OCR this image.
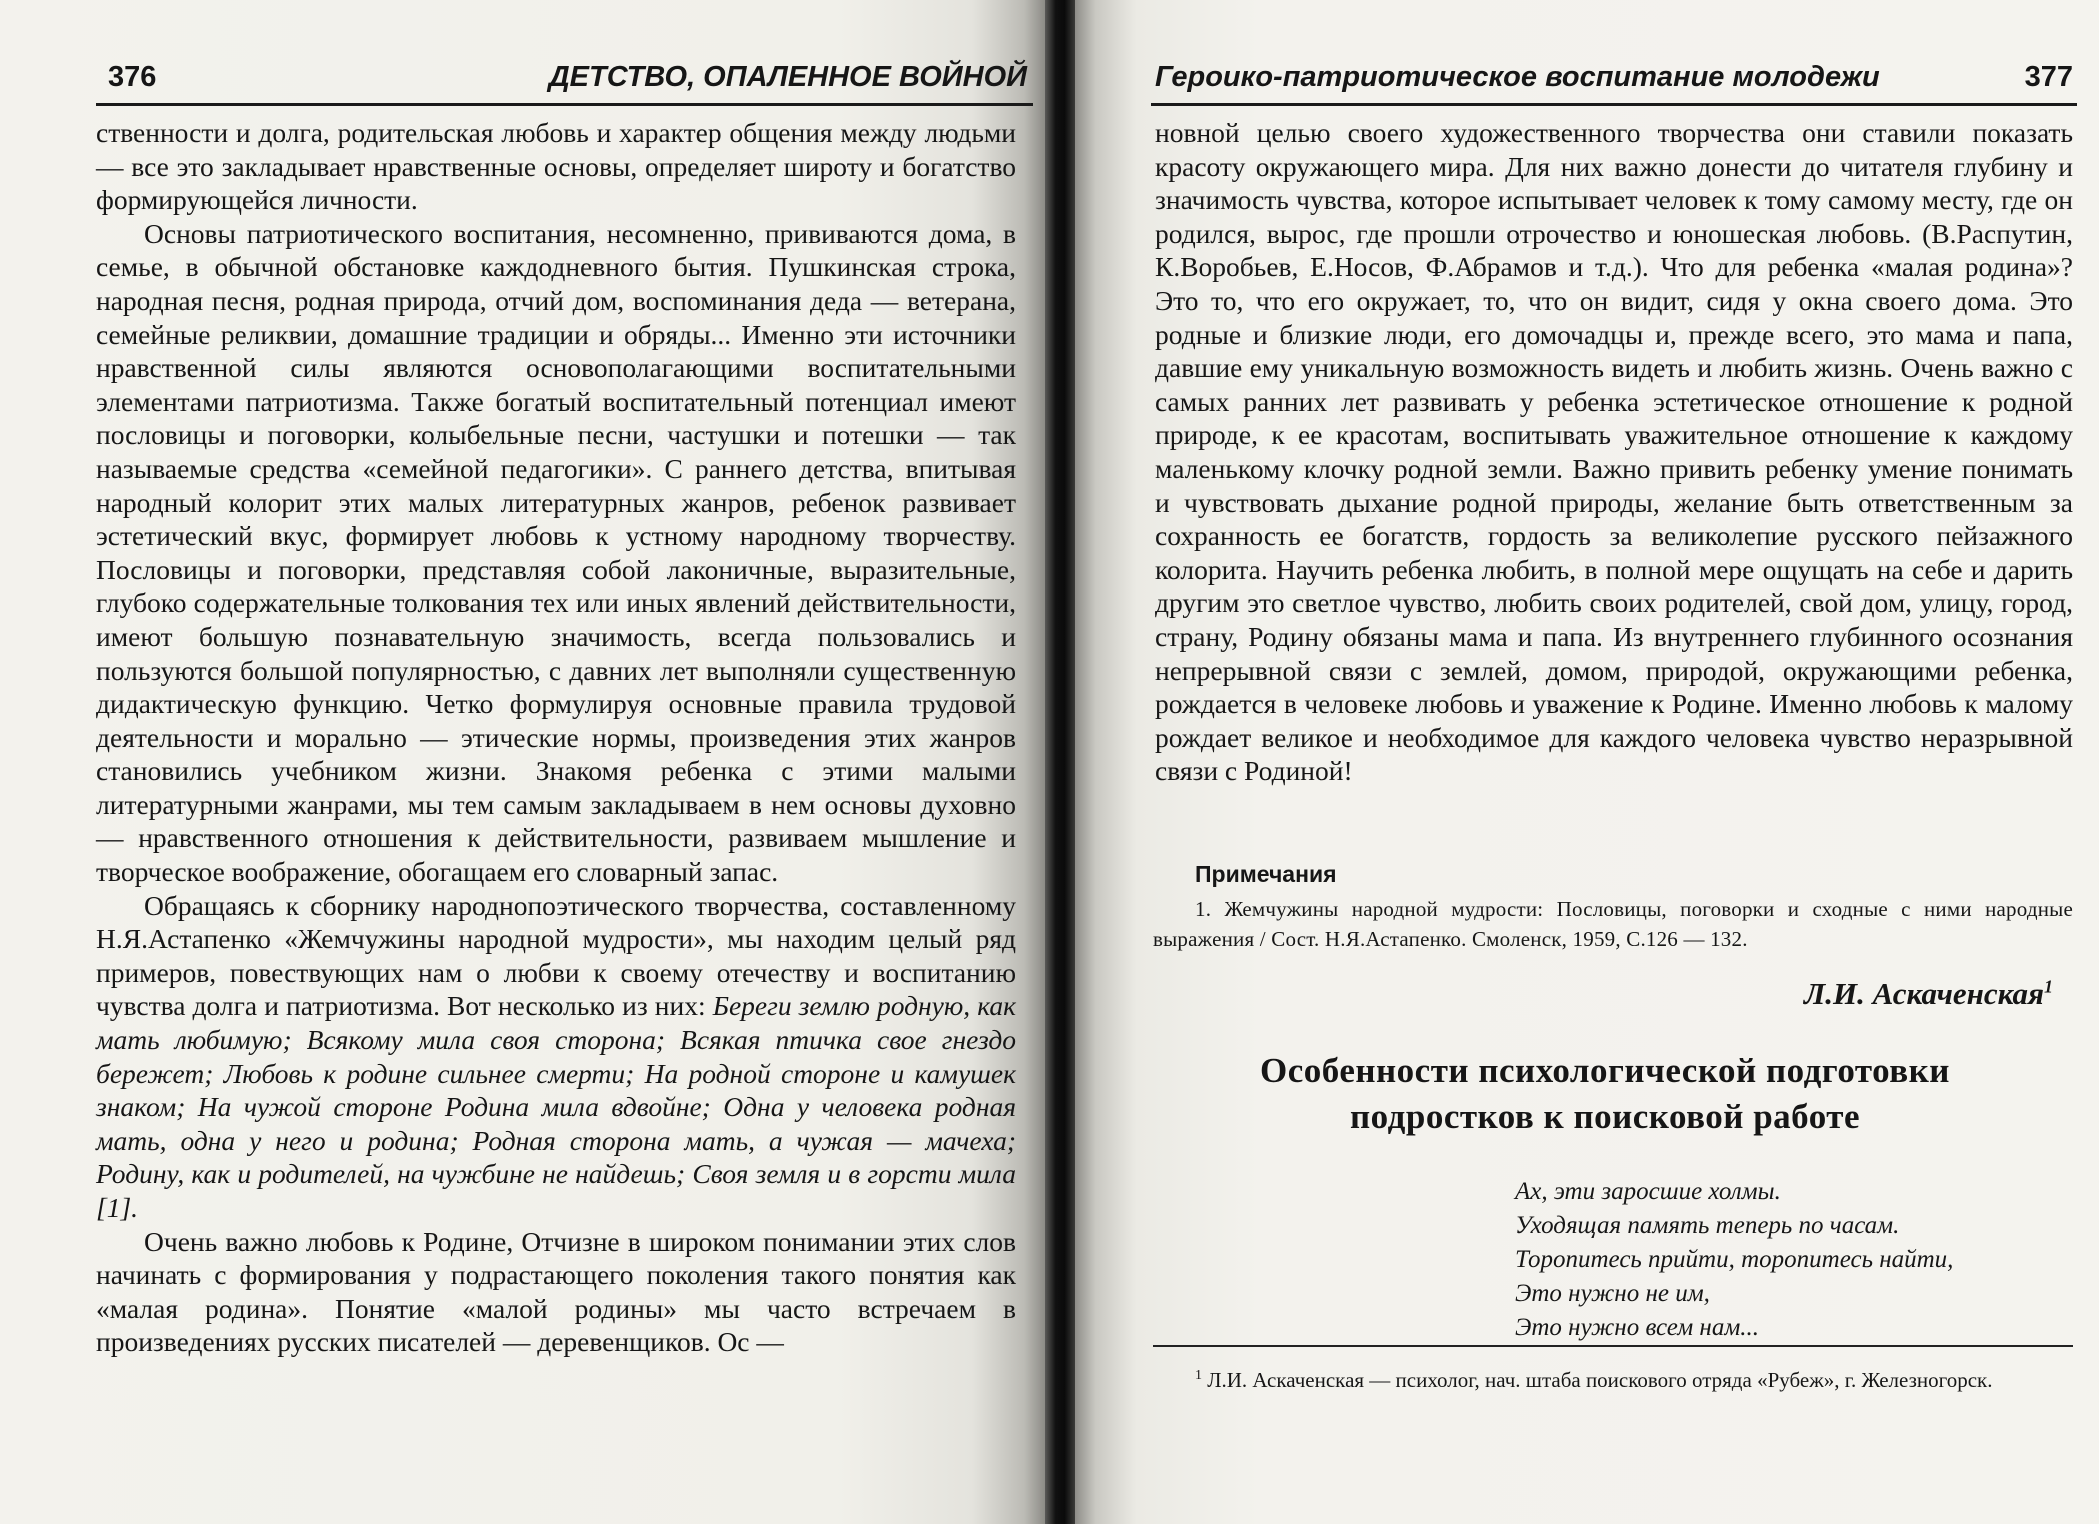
376	ДЕТСТВО, ОПАЛЕННОЕ ВОЙНОЙ

ственности и долга, родительская любовь и характер общения между людьми — все это закладывает нравственные основы, определяет широту и богатство формирующейся личности.

Основы патриотического воспитания, несомненно, прививаются дома, в семье, в обычной обстановке каждодневного бытия. Пушкинская строка, народная песня, родная природа, отчий дом, воспоминания деда — ветерана, семейные реликвии, домашние традиции и обряды... Именно эти источники нравственной силы являются основополагающими воспитательными элементами патриотизма. Также богатый воспитательный потенциал имеют пословицы и поговорки, колыбельные песни, частушки и потешки — так называемые средства «семейной педагогики». С раннего детства, впитывая народный колорит этих малых литературных жанров, ребенок развивает эстетический вкус, формирует любовь к устному народному творчеству. Пословицы и поговорки, представляя собой лаконичные, выразительные, глубоко содержательные толкования тех или иных явлений действительности, имеют большую познавательную значимость, всегда пользовались и пользуются большой популярностью, с давних лет выполняли существенную дидактическую функцию. Четко формулируя основные правила трудовой деятельности и морально — этические нормы, произведения этих жанров становились учебником жизни. Знакомя ребенка с этими малыми литературными жанрами, мы тем самым закладываем в нем основы духовно — нравственного отношения к действительности, развиваем мышление и творческое воображение, обогащаем его словарный запас.

Обращаясь к сборнику народнопоэтического творчества, составленному Н.Я.Астапенко «Жемчужины народной мудрости», мы находим целый ряд примеров, повествующих нам о любви к своему отечеству и воспитанию чувства долга и патриотизма. Вот несколько из них: Береги землю родную, как мать любимую; Всякому мила своя сторона; Всякая птичка свое гнездо бережет; Любовь к родине сильнее смерти; На родной стороне и камушек знаком; На чужой стороне Родина мила вдвойне; Одна у человека родная мать, одна у него и родина; Родная сторона мать, а чужая — мачеха; Родину, как и родителей, на чужбине не найдешь; Своя земля и в горсти мила [1].

Очень важно любовь к Родине, Отчизне в широком понимании этих слов начинать с формирования у подрастающего поколения такого понятия как «малая родина». Понятие «малой родины» мы часто встречаем в произведениях русских писателей — деревенщиков. Ос —

Героико-патриотическое воспитание молодежи	377

новной целью своего художественного творчества они ставили показать красоту окружающего мира. Для них важно донести до читателя глубину и значимость чувства, которое испытывает человек к тому самому месту, где он родился, вырос, где прошли отрочество и юношеская любовь. (В.Распутин, К.Воробьев, Е.Носов, Ф.Абрамов и т.д.). Что для ребенка «малая родина»? Это то, что его окружает, то, что он видит, сидя у окна своего дома. Это родные и близкие люди, его домочадцы и, прежде всего, это мама и папа, давшие ему уникальную возможность видеть и любить жизнь. Очень важно с самых ранних лет развивать у ребенка эстетическое отношение к родной природе, к ее красотам, воспитывать уважительное отношение к каждому маленькому клочку родной земли. Важно привить ребенку умение понимать и чувствовать дыхание родной природы, желание быть ответственным за сохранность ее богатств, гордость за великолепие русского пейзажного колорита. Научить ребенка любить, в полной мере ощущать на себе и дарить другим это светлое чувство, любить своих родителей, свой дом, улицу, город, страну, Родину обязаны мама и папа. Из внутреннего глубинного осознания непрерывной связи с землей, домом, природой, окружающими ребенка, рождается в человеке любовь и уважение к Родине. Именно любовь к малому рождает великое и необходимое для каждого человека чувство неразрывной связи с Родиной!

Примечания
1. Жемчужины народной мудрости: Пословицы, поговорки и сходные с ними народные выражения / Сост. Н.Я.Астапенко. Смоленск, 1959, С.126 — 132.
Л.И. Аскаченская$^1$
Особенности психологической подготовки
подростков к поисковой работе
Ах, эти заросшие холмы.
Уходящая память теперь по часам.
Торопитесь прийти, торопитесь найти,
Это нужно не им,
Это нужно всем нам...
$^1$ Л.И. Аскаченская — психолог, нач. штаба поискового отряда «Рубеж», г. Железногорск.
